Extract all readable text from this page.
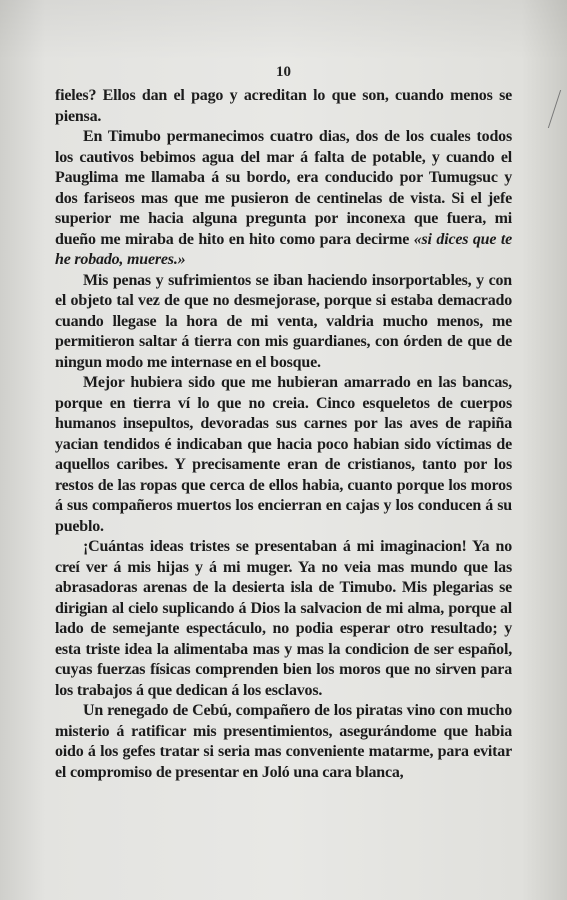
10

fieles? Ellos dan el pago y acreditan lo que son, cuando menos se piensa.

En Timubo permanecimos cuatro dias, dos de los cuales todos los cautivos bebimos agua del mar á falta de potable, y cuando el Pauglima me llamaba á su bordo, era conducido por Tumugsuc y dos fariseos mas que me pusieron de centinelas de vista. Si el jefe superior me hacia alguna pregunta por inconexa que fuera, mi dueño me miraba de hito en hito como para decirme «si dices que te he robado, mueres.»

Mis penas y sufrimientos se iban haciendo insorportables, y con el objeto tal vez de que no desmejorase, porque si estaba demacrado cuando llegase la hora de mi venta, valdria mucho menos, me permitieron saltar á tierra con mis guardianes, con órden de que de ningun modo me internase en el bosque.

Mejor hubiera sido que me hubieran amarrado en las bancas, porque en tierra ví lo que no creia. Cinco esqueletos de cuerpos humanos insepultos, devoradas sus carnes por las aves de rapiña yacian tendidos é indicaban que hacia poco habian sido víctimas de aquellos caribes. Y precisamente eran de cristianos, tanto por los restos de las ropas que cerca de ellos habia, cuanto porque los moros á sus compañeros muertos los encierran en cajas y los conducen á su pueblo.

¡Cuántas ideas tristes se presentaban á mi imaginacion! Ya no creí ver á mis hijas y á mi muger. Ya no veia mas mundo que las abrasadoras arenas de la desierta isla de Timubo. Mis plegarias se dirigian al cielo suplicando á Dios la salvacion de mi alma, porque al lado de semejante espectáculo, no podia esperar otro resultado; y esta triste idea la alimentaba mas y mas la condicion de ser español, cuyas fuerzas físicas comprenden bien los moros que no sirven para los trabajos á que dedican á los esclavos.

Un renegado de Cebú, compañero de los piratas vino con mucho misterio á ratificar mis presentimientos, asegurándome que habia oido á los gefes tratar si seria mas conveniente matarme, para evitar el compromiso de presentar en Joló una cara blanca,
